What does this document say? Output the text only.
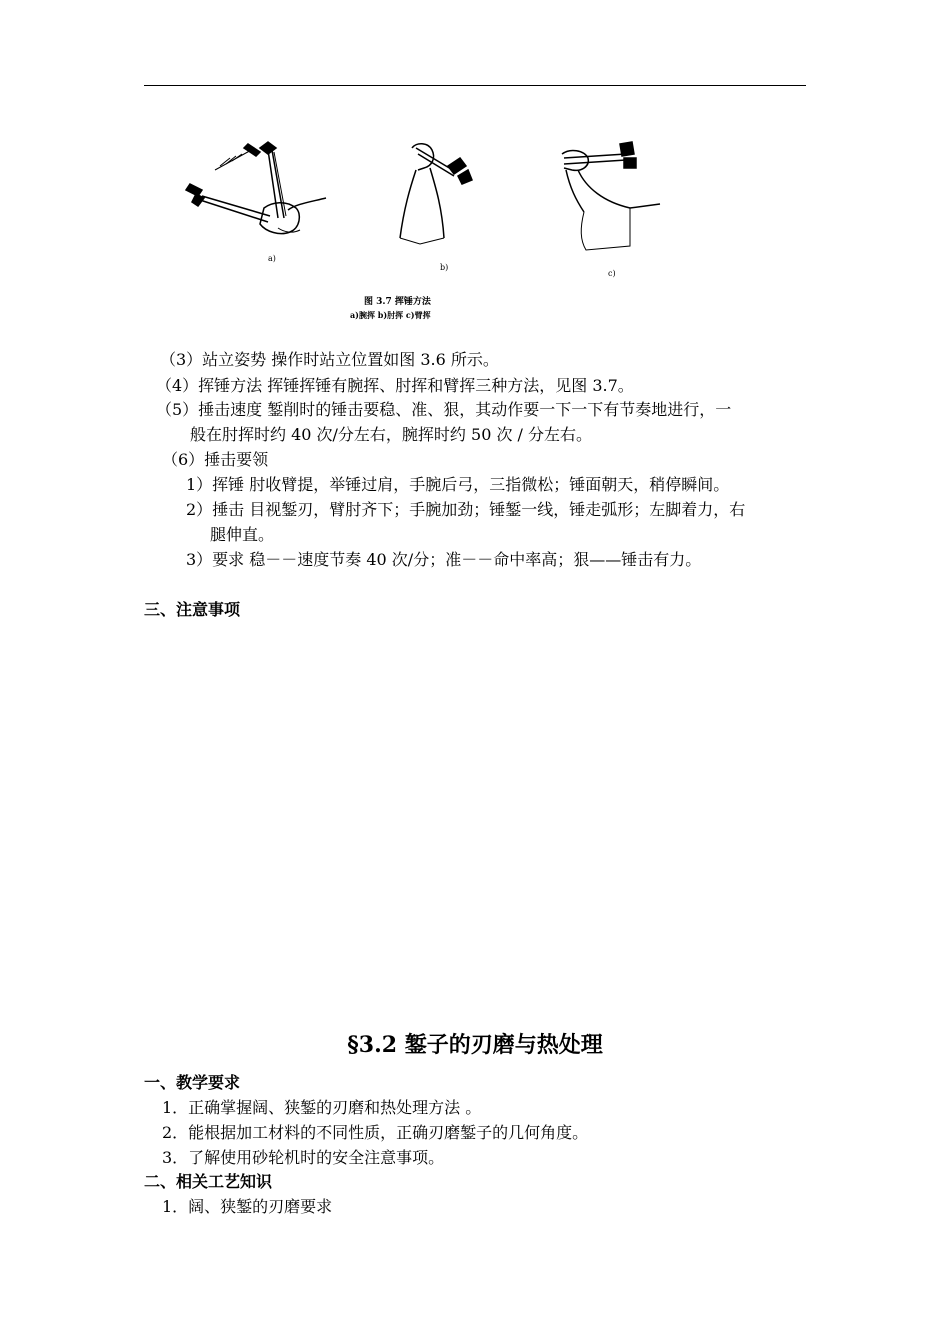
a)
b)
c)
图 3.7 挥锤方法
a)腕挥 b)肘挥 c)臂挥
（3）站立姿势 操作时站立位置如图 3.6 所示。
（4）挥锤方法 挥锤挥锤有腕挥、肘挥和臂挥三种方法，见图 3.7。
（5）捶击速度 錾削时的锤击要稳、准、狠，其动作要一下一下有节奏地进行，一
般在肘挥时约 40 次/分左右，腕挥时约 50 次 / 分左右。
（6）捶击要领
1）挥锤 肘收臂提，举锤过肩，手腕后弓，三指微松；锤面朝天，稍停瞬间。
2）捶击 目视錾刃，臂肘齐下；手腕加劲；锤錾一线，锤走弧形；左脚着力，右
腿伸直。
3）要求 稳－－速度节奏 40 次/分；准－－命中率高；狠——锤击有力。
三、注意事项
§3.2 錾子的刃磨与热处理
一、教学要求
1．正确掌握阔、狭錾的刃磨和热处理方法 。
2．能根据加工材料的不同性质，正确刃磨錾子的几何角度。
3．了解使用砂轮机时的安全注意事项。
二、相关工艺知识
1．阔、狭錾的刃磨要求
